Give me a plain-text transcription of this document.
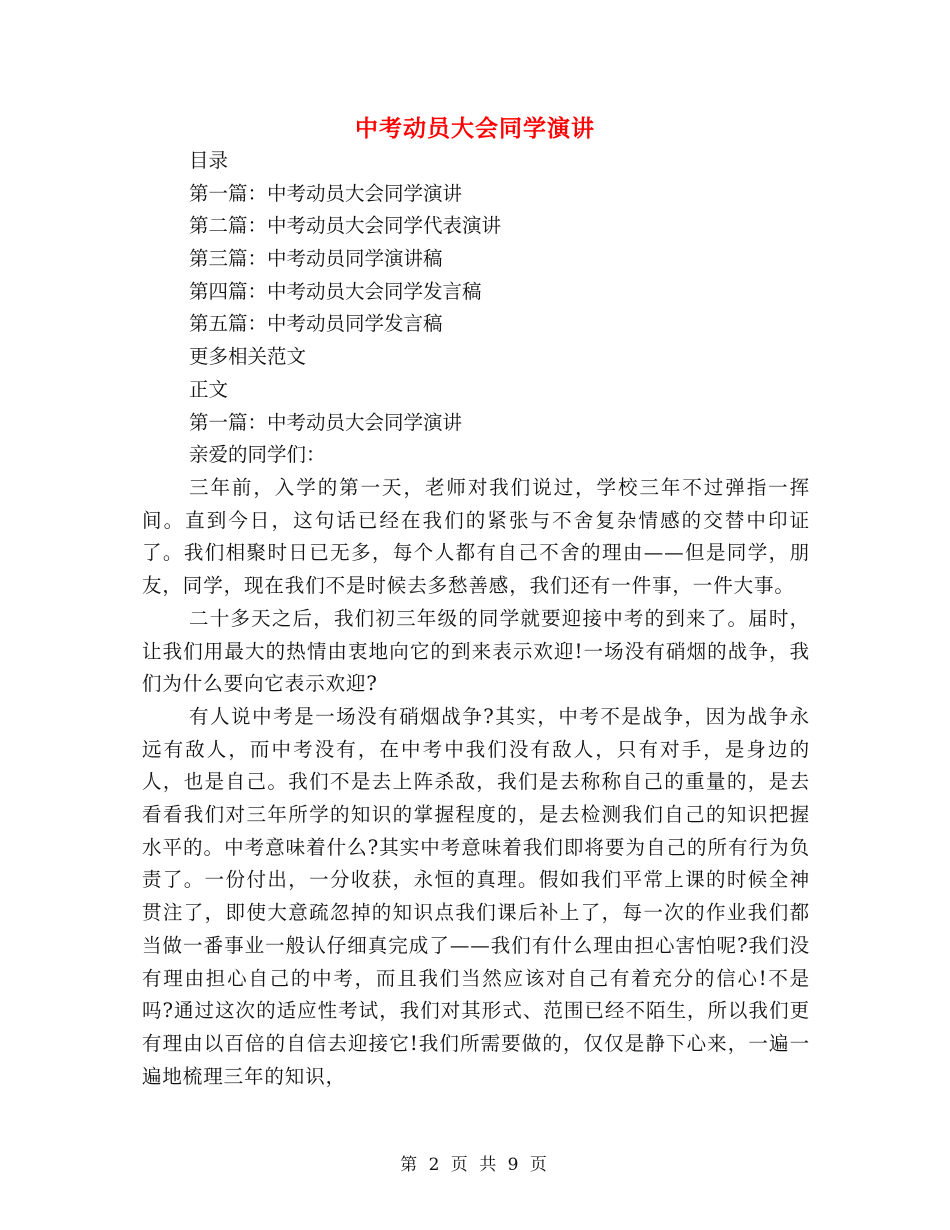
中考动员大会同学演讲
目录
第一篇：中考动员大会同学演讲
第二篇：中考动员大会同学代表演讲
第三篇：中考动员同学演讲稿
第四篇：中考动员大会同学发言稿
第五篇：中考动员同学发言稿
更多相关范文
正文
第一篇：中考动员大会同学演讲
亲爱的同学们：

三年前，入学的第一天，老师对我们说过，学校三年不过弹指一挥间。直到今日，这句话已经在我们的紧张与不舍复杂情感的交替中印证了。我们相聚时日已无多，每个人都有自己不舍的理由——但是同学，朋友，同学，现在我们不是时候去多愁善感，我们还有一件事，一件大事。

二十多天之后，我们初三年级的同学就要迎接中考的到来了。届时，让我们用最大的热情由衷地向它的到来表示欢迎!一场没有硝烟的战争，我们为什么要向它表示欢迎?

有人说中考是一场没有硝烟战争?其实，中考不是战争，因为战争永远有敌人，而中考没有，在中考中我们没有敌人，只有对手，是身边的人，也是自己。我们不是去上阵杀敌，我们是去称称自己的重量的，是去看看我们对三年所学的知识的掌握程度的，是去检测我们自己的知识把握水平的。中考意味着什么?其实中考意味着我们即将要为自己的所有行为负责了。一份付出，一分收获，永恒的真理。假如我们平常上课的时候全神贯注了，即使大意疏忽掉的知识点我们课后补上了，每一次的作业我们都当做一番事业一般认仔细真完成了——我们有什么理由担心害怕呢?我们没有理由担心自己的中考，而且我们当然应该对自己有着充分的信心!不是吗?通过这次的适应性考试，我们对其形式、范围已经不陌生，所以我们更有理由以百倍的自信去迎接它!我们所需要做的，仅仅是静下心来，一遍一遍地梳理三年的知识，

第 2 页 共 9 页
